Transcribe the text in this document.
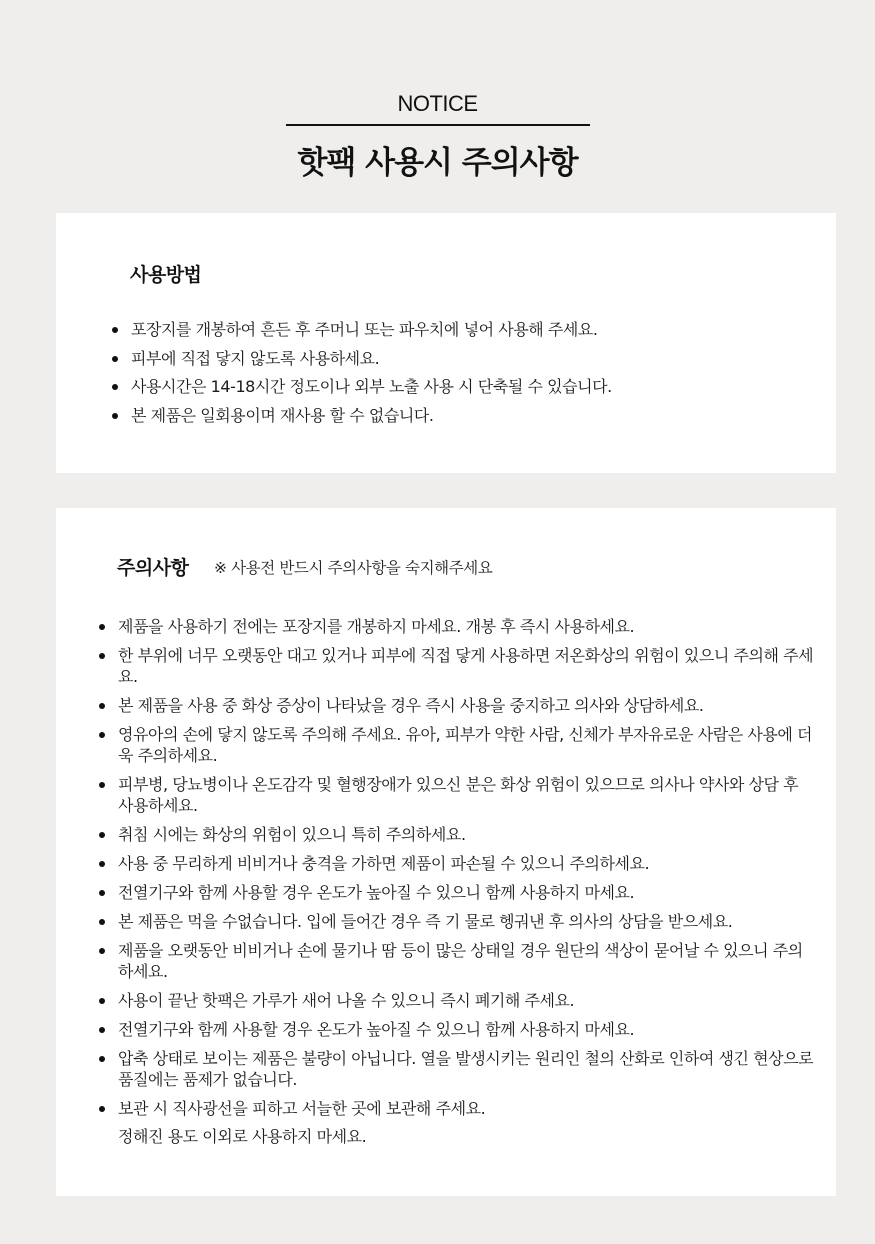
NOTICE
핫팩 사용시 주의사항
사용방법
포장지를 개봉하여 흔든 후 주머니 또는 파우치에 넣어 사용해 주세요.
피부에 직접 닿지 않도록 사용하세요.
사용시간은 14-18시간 정도이나 외부 노출 사용 시 단축될 수 있습니다.
본 제품은 일회용이며 재사용 할 수 없습니다.
주의사항 ※ 사용전 반드시 주의사항을 숙지해주세요
제품을 사용하기 전에는 포장지를 개봉하지 마세요. 개봉 후 즉시 사용하세요.
한 부위에 너무 오랫동안 대고 있거나 피부에 직접 닿게 사용하면 저온화상의 위험이 있으니 주의해 주세요.
본 제품을 사용 중 화상 증상이 나타났을 경우 즉시 사용을 중지하고 의사와 상담하세요.
영유아의 손에 닿지 않도록 주의해 주세요. 유아, 피부가 약한 사람, 신체가 부자유로운 사람은 사용에 더욱 주의하세요.
피부병, 당뇨병이나 온도감각 및 혈행장애가 있으신 분은 화상 위험이 있으므로 의사나 약사와 상담 후 사용하세요.
취침 시에는 화상의 위험이 있으니 특히 주의하세요.
사용 중 무리하게 비비거나 충격을 가하면 제품이 파손될 수 있으니 주의하세요.
전열기구와 함께 사용할 경우 온도가 높아질 수 있으니 함께 사용하지 마세요.
본 제품은 먹을 수없습니다. 입에 들어간 경우 즉 기 물로 헹궈낸 후 의사의 상담을 받으세요.
제품을 오랫동안 비비거나 손에 물기나 땀 등이 많은 상태일 경우 원단의 색상이 묻어날 수 있으니 주의하세요.
사용이 끝난 핫팩은 가루가 새어 나올 수 있으니 즉시 폐기해 주세요.
전열기구와 함께 사용할 경우 온도가 높아질 수 있으니 함께 사용하지 마세요.
압축 상태로 보이는 제품은 불량이 아닙니다. 열을 발생시키는 원리인 철의 산화로 인하여 생긴 현상으로 품질에는 품제가 없습니다.
보관 시 직사광선을 피하고 서늘한 곳에 보관해 주세요.
정해진 용도 이외로 사용하지 마세요.
